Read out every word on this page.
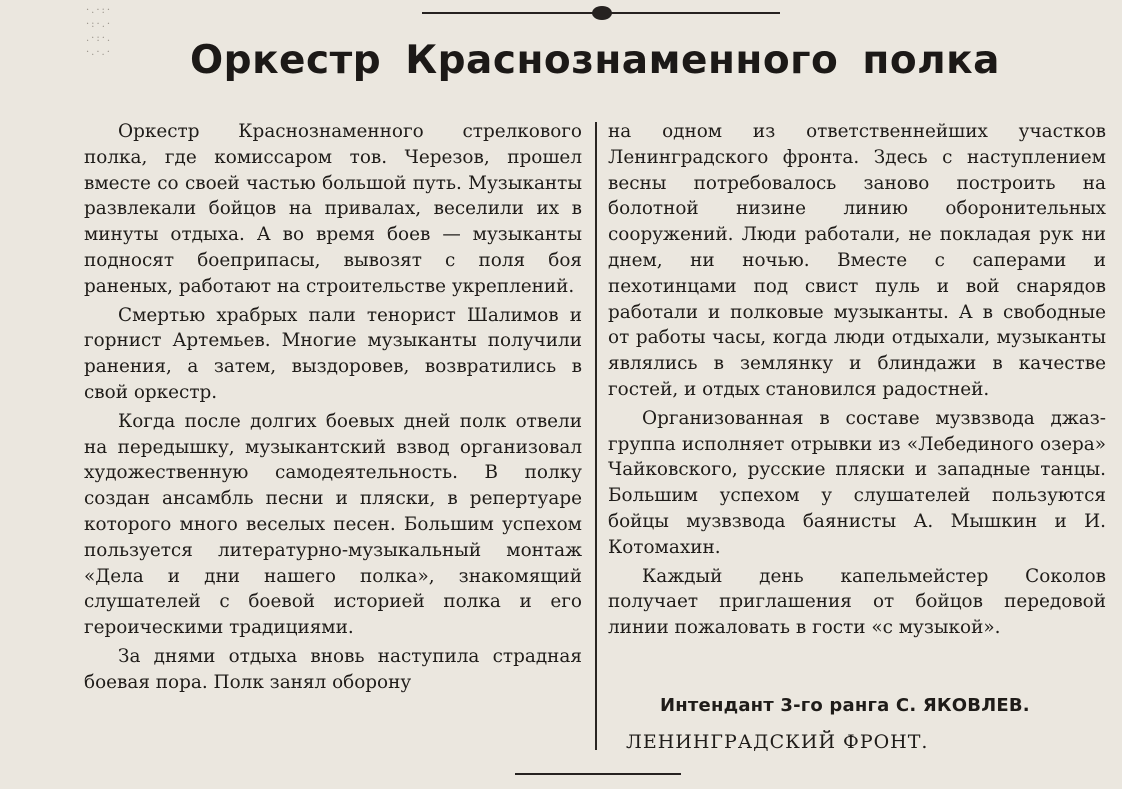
·.·:·
·:·.·
.·:·.
·.·.·	Оркестр Краснознаменного полка

Оркестр Краснознаменного стрелкового полка, где комиссаром тов. Черезов, прошел вместе со своей частью большой путь. Музыканты развлекали бойцов на привалах, веселили их в минуты отдыха. А во время боев — музыканты подносят боеприпасы, вывозят с поля боя раненых, работают на строительстве укреплений.

Смертью храбрых пали тенорист Шалимов и горнист Артемьев. Многие музыканты получили ранения, а затем, выздоровев, возвратились в свой оркестр.

Когда после долгих боевых дней полк отвели на передышку, музыкантский взвод организовал художественную самодеятельность. В полку создан ансамбль песни и пляски, в репертуаре которого много веселых песен. Большим успехом пользуется литературно-музыкальный монтаж «Дела и дни нашего полка», знакомящий слушателей с боевой историей полка и его героическими традициями.

За днями отдыха вновь наступила страдная боевая пора. Полк занял оборону

на одном из ответственнейших участков Ленинградского фронта. Здесь с наступлением весны потребовалось заново построить на болотной низине линию оборонительных сооружений. Люди работали, не покладая рук ни днем, ни ночью. Вместе с саперами и пехотинцами под свист пуль и вой снарядов работали и полковые музыканты. А в свободные от работы часы, когда люди отдыхали, музыканты являлись в землянку и блиндажи в качестве гостей, и отдых становился радостней.

Организованная в составе музвзвода джаз-группа исполняет отрывки из «Лебединого озера» Чайковского, русские пляски и западные танцы. Большим успехом у слушателей пользуются бойцы музвзвода баянисты А. Мышкин и И. Котомахин.

Каждый день капельмейстер Соколов получает приглашения от бойцов передовой линии пожаловать в гости «с музыкой».

Интендант 3-го ранга С. ЯКОВЛЕВ.
ЛЕНИНГРАДСКИЙ ФРОНТ.
